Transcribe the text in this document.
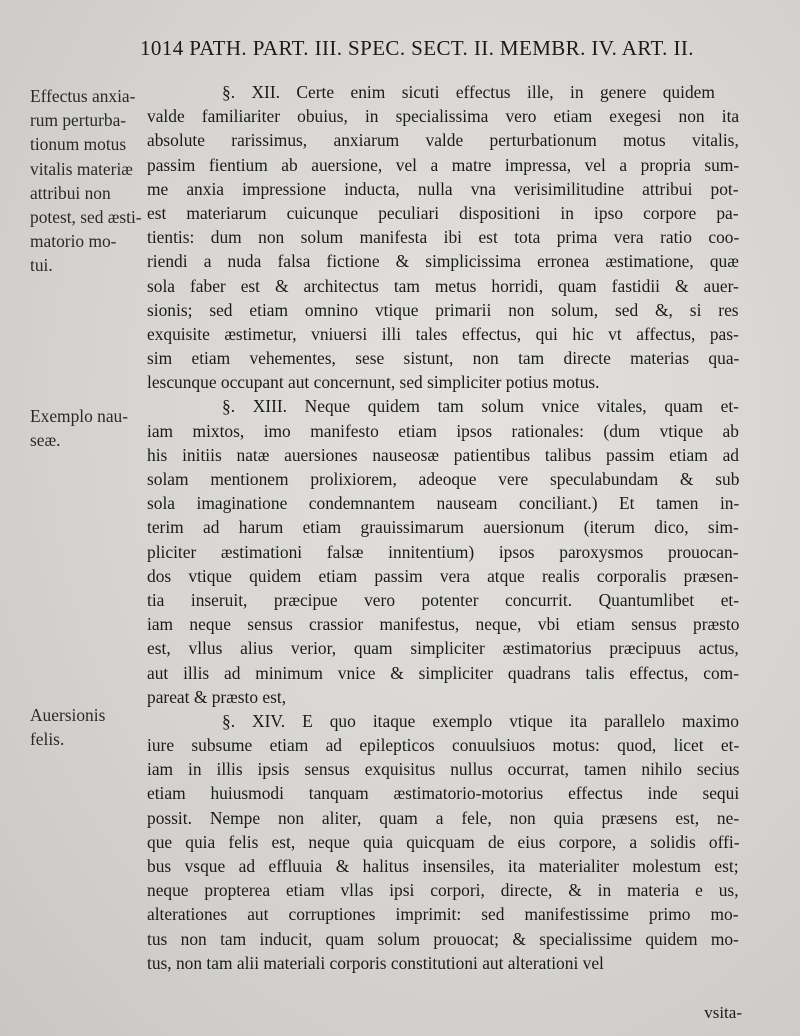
1014 PATH. PART. III. SPEC. SECT. II. MEMBR. IV. ART. II.
Effectus anxia-
rum perturba-
tionum motus
vitalis materiæ
attribui non
potest, sed æsti-
matorio mo-
tui.
Exemplo nau-
seæ.
Auersionis
felis.
§. XII. Certe enim sicuti effectus ille, in genere quidem
valde familiariter obuius, in specialissima vero etiam exegesi non ita
absolute rarissimus, anxiarum valde perturbationum motus vitalis,
passim fientium ab auersione, vel a matre impressa, vel a propria sum-
me anxia impressione inducta, nulla vna verisimilitudine attribui pot-
est materiarum cuicunque peculiari dispositioni in ipso corpore pa-
tientis: dum non solum manifesta ibi est tota prima vera ratio coo-
riendi a nuda falsa fictione & simplicissima erronea æstimatione, quæ
sola faber est & architectus tam metus horridi, quam fastidii & auer-
sionis; sed etiam omnino vtique primarii non solum, sed &, si res
exquisite æstimetur, vniuersi illi tales effectus, qui hic vt affectus, pas-
sim etiam vehementes, sese sistunt, non tam directe materias qua-
lescunque occupant aut concernunt, sed simpliciter potius motus.
§. XIII. Neque quidem tam solum vnice vitales, quam et-
iam mixtos, imo manifesto etiam ipsos rationales: (dum vtique ab
his initiis natæ auersiones nauseosæ patientibus talibus passim etiam ad
solam mentionem prolixiorem, adeoque vere speculabundam & sub
sola imaginatione condemnantem nauseam conciliant.) Et tamen in-
terim ad harum etiam grauissimarum auersionum (iterum dico, sim-
pliciter æstimationi falsæ innitentium) ipsos paroxysmos prouocan-
dos vtique quidem etiam passim vera atque realis corporalis præsen-
tia inseruit, præcipue vero potenter concurrit. Quantumlibet et-
iam neque sensus crassior manifestus, neque, vbi etiam sensus præsto
est, vllus alius verior, quam simpliciter æstimatorius præcipuus actus,
aut illis ad minimum vnice & simpliciter quadrans talis effectus, com-
pareat & præsto est,
§. XIV. E quo itaque exemplo vtique ita parallelo maximo
iure subsume etiam ad epilepticos conuulsiuos motus: quod, licet et-
iam in illis ipsis sensus exquisitus nullus occurrat, tamen nihilo secius
etiam huiusmodi tanquam æstimatorio-motorius effectus inde sequi
possit. Nempe non aliter, quam a fele, non quia præsens est, ne-
que quia felis est, neque quia quicquam de eius corpore, a solidis offi-
bus vsque ad effluuia & halitus insensiles, ita materialiter molestum est;
neque propterea etiam vllas ipsi corpori, directe, & in materia e us,
alterationes aut corruptiones imprimit: sed manifestissime primo mo-
tus non tam inducit, quam solum prouocat; & specialissime quidem mo-
tus, non tam alii materiali corporis constitutioni aut alterationi vel
vsita-
